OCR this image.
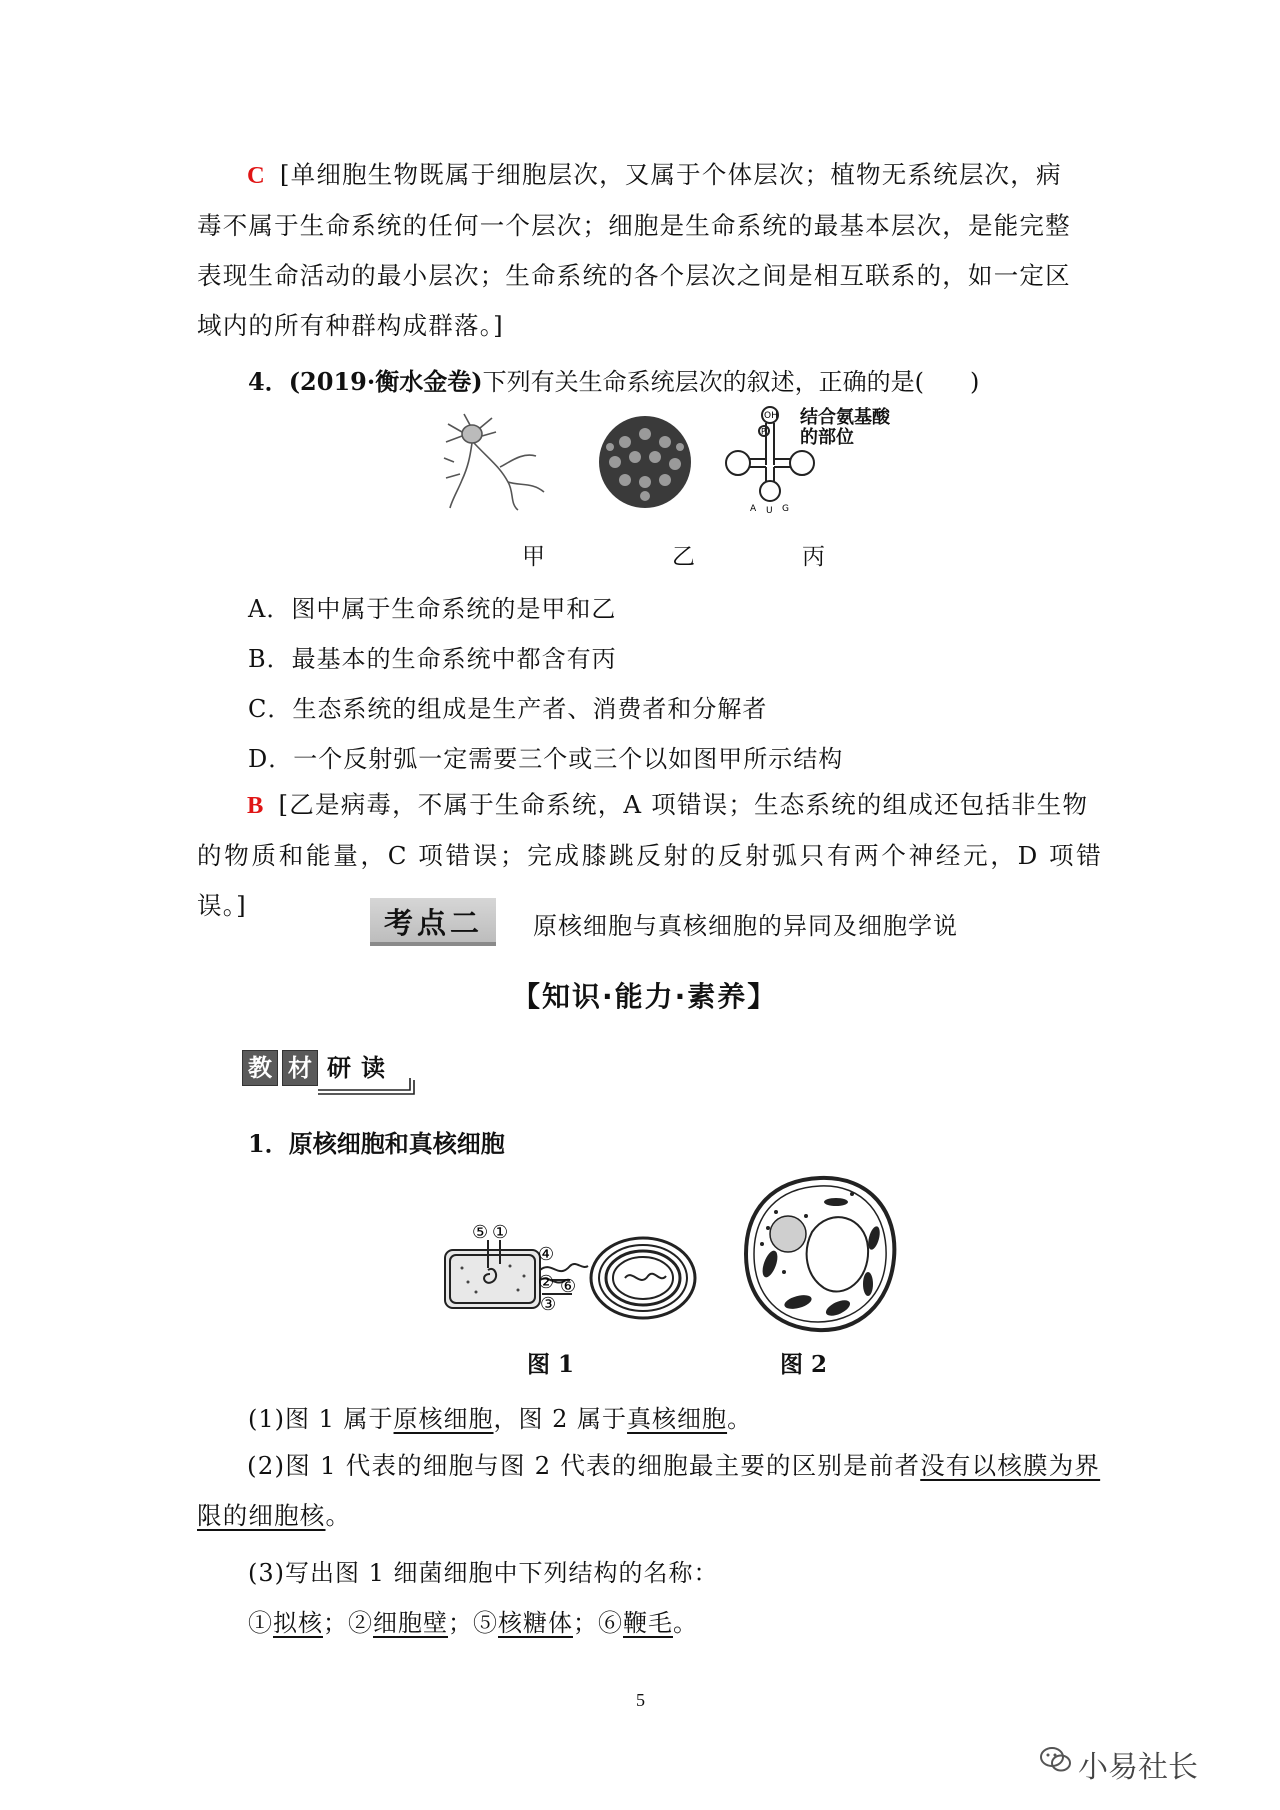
C [单细胞生物既属于细胞层次，又属于个体层次；植物无系统层次，病
毒不属于生命系统的任何一个层次；细胞是生命系统的最基本层次，是能完整
表现生命活动的最小层次；生命系统的各个层次之间是相互联系的，如一定区
域内的所有种群构成群落。]
4．(2019·衡水金卷)下列有关生命系统层次的叙述，正确的是( )
OH
P
A U G
结合氨基酸
的部位
甲	乙	丙
A．图中属于生命系统的是甲和乙
B．最基本的生命系统中都含有丙
C．生态系统的组成是生产者、消费者和分解者
D．一个反射弧一定需要三个或三个以如图甲所示结构
B [乙是病毒，不属于生命系统，A 项错误；生态系统的组成还包括非生物
的物质和能量，C 项错误；完成膝跳反射的反射弧只有两个神经元，D 项错误。]
考点二 原核细胞与真核细胞的异同及细胞学说
【知识·能力·素养】
教 材 研 读
1．原核细胞和真核细胞
⑤ ①
④
② ⑥
③
图 1	图 2
(1)图 1 属于原核细胞，图 2 属于真核细胞。
(2)图 1 代表的细胞与图 2 代表的细胞最主要的区别是前者没有以核膜为界
限的细胞核。
(3)写出图 1 细菌细胞中下列结构的名称：
①拟核；②细胞壁；⑤核糖体；⑥鞭毛。
5
小易社长
